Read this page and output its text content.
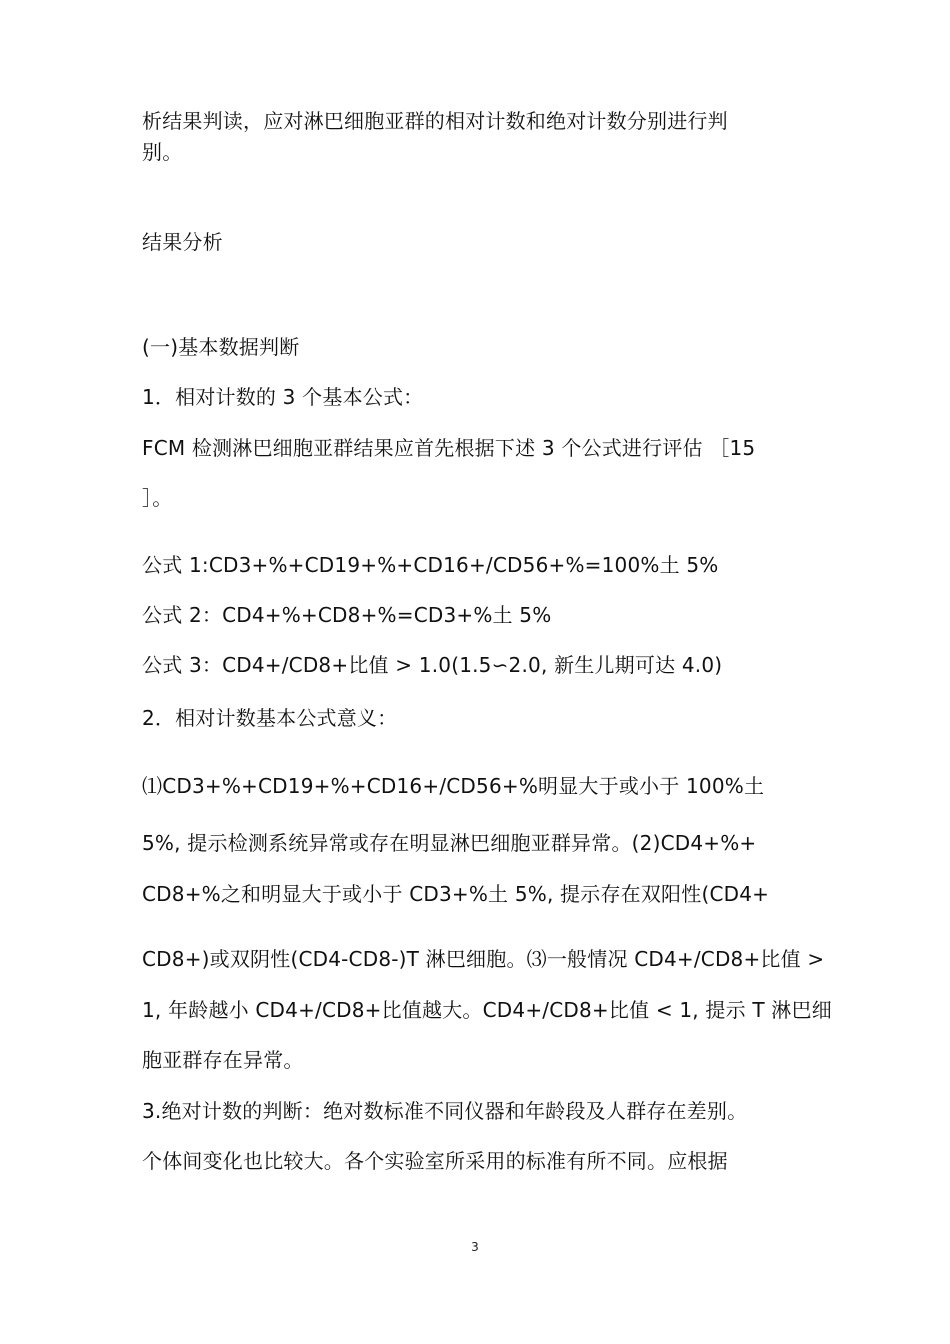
析结果判读，应对淋巴细胞亚群的相对计数和绝对计数分别进行判
别。
结果分析
(一)基本数据判断
1．相对计数的 3 个基本公式：
FCM 检测淋巴细胞亚群结果应首先根据下述 3 个公式进行评估 ［15
］。
公式 1:CD3+%+CD19+%+CD16+/CD56+%=100%土 5%
公式 2：CD4+%+CD8+%=CD3+%土 5%
公式 3：CD4+/CD8+比值 > 1.0(1.5∽2.0, 新生儿期可达 4.0)
2．相对计数基本公式意义：
⑴CD3+%+CD19+%+CD16+/CD56+%明显大于或小于 100%土
5%, 提示检测系统异常或存在明显淋巴细胞亚群异常。(2)CD4+%+
CD8+%之和明显大于或小于 CD3+%土 5%, 提示存在双阳性(CD4+
CD8+)或双阴性(CD4-CD8-)T 淋巴细胞。⑶一般情况 CD4+/CD8+比值 >
1, 年龄越小 CD4+/CD8+比值越大。CD4+/CD8+比值 < 1, 提示 T 淋巴细
胞亚群存在异常。
3.绝对计数的判断：绝对数标准不同仪器和年龄段及人群存在差别。
个体间变化也比较大。各个实验室所采用的标准有所不同。应根据
3
